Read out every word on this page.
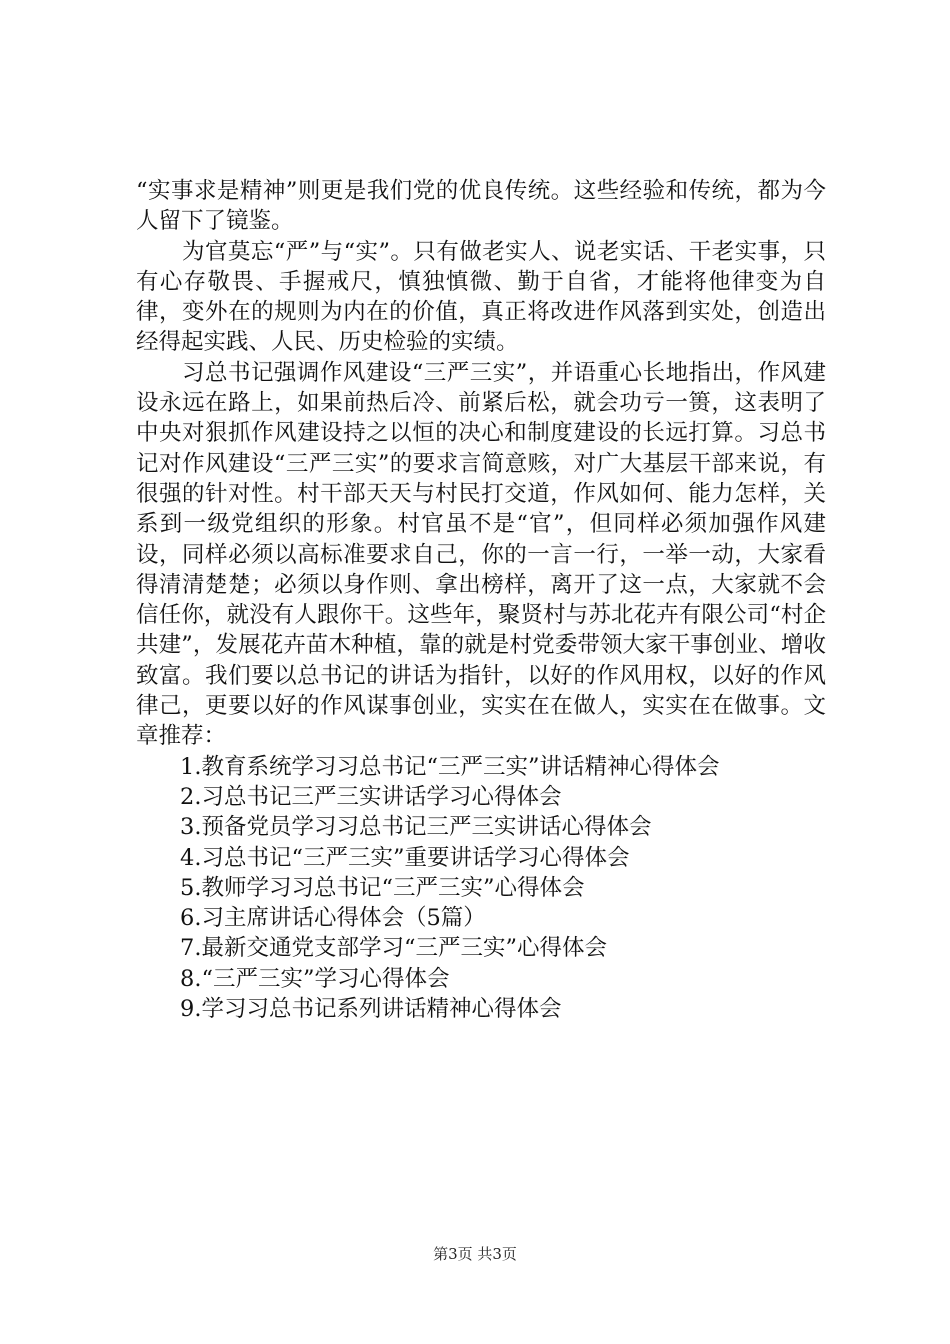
“实事求是精神”则更是我们党的优良传统。这些经验和传统，都为今人留下了镜鉴。

为官莫忘“严”与“实”。只有做老实人、说老实话、干老实事，只有心存敬畏、手握戒尺，慎独慎微、勤于自省，才能将他律变为自律，变外在的规则为内在的价值，真正将改进作风落到实处，创造出经得起实践、人民、历史检验的实绩。

习总书记强调作风建设“三严三实”，并语重心长地指出，作风建设永远在路上，如果前热后冷、前紧后松，就会功亏一篑，这表明了中央对狠抓作风建设持之以恒的决心和制度建设的长远打算。习总书记对作风建设“三严三实”的要求言简意赅，对广大基层干部来说，有很强的针对性。村干部天天与村民打交道，作风如何、能力怎样，关系到一级党组织的形象。村官虽不是“官”，但同样必须加强作风建设，同样必须以高标准要求自己，你的一言一行，一举一动，大家看得清清楚楚；必须以身作则、拿出榜样，离开了这一点，大家就不会信任你，就没有人跟你干。这些年，聚贤村与苏北花卉有限公司“村企共建”，发展花卉苗木种植，靠的就是村党委带领大家干事创业、增收致富。我们要以总书记的讲话为指针，以好的作风用权，以好的作风律己，更要以好的作风谋事创业，实实在在做人，实实在在做事。文章推荐：

1.教育系统学习习总书记“三严三实”讲话精神心得体会
2.习总书记三严三实讲话学习心得体会
3.预备党员学习习总书记三严三实讲话心得体会
4.习总书记“三严三实”重要讲话学习心得体会
5.教师学习习总书记“三严三实”心得体会
6.习主席讲话心得体会（5篇）
7.最新交通党支部学习“三严三实”心得体会
8.“三严三实”学习心得体会
9.学习习总书记系列讲话精神心得体会
第3页 共3页
